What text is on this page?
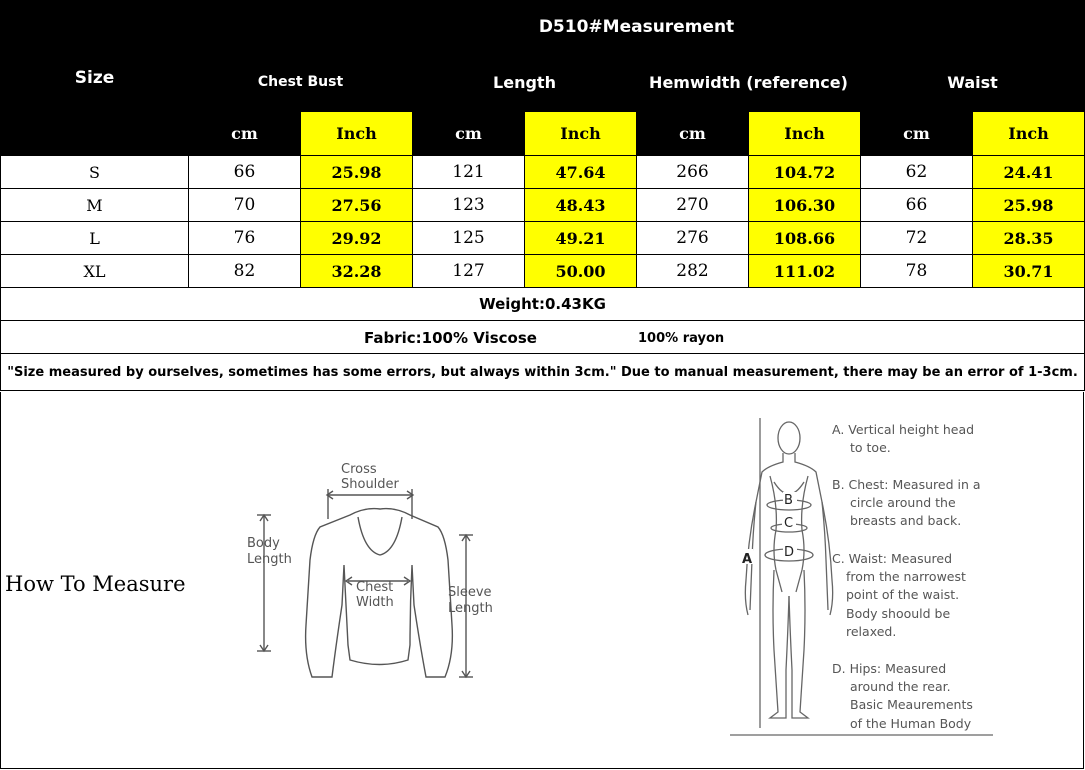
Size	D510#Measurement							
	Chest Bust		Length		Hemwidth (reference)		Waist	
	cm	Inch	cm	Inch	cm	Inch	cm	Inch
S	66	25.98	121	47.64	266	104.72	62	24.41
M	70	27.56	123	48.43	270	106.30	66	25.98
L	76	29.92	125	49.21	276	108.66	72	28.35
XL	82	32.28	127	50.00	282	111.02	78	30.71
Weight:0.43KG								

Fabric:100% Viscose 100% rayon								

"Size measured by ourselves, sometimes has some errors, but always within 3cm." Due to manual measurement, there may be an error of 1-3cm.								
How To Measure
Cross
Shoulder
Body
Length
Chest
Width
Sleeve
Length
B
C
D
A
A. Vertical height head
to toe.
B. Chest: Measured in a
circle around the
breasts and back.
C. Waist: Measured
from the narrowest
point of the waist.
Body shoould be
relaxed.
D. Hips: Measured
around the rear.
Basic Meaurements
of the Human Body
